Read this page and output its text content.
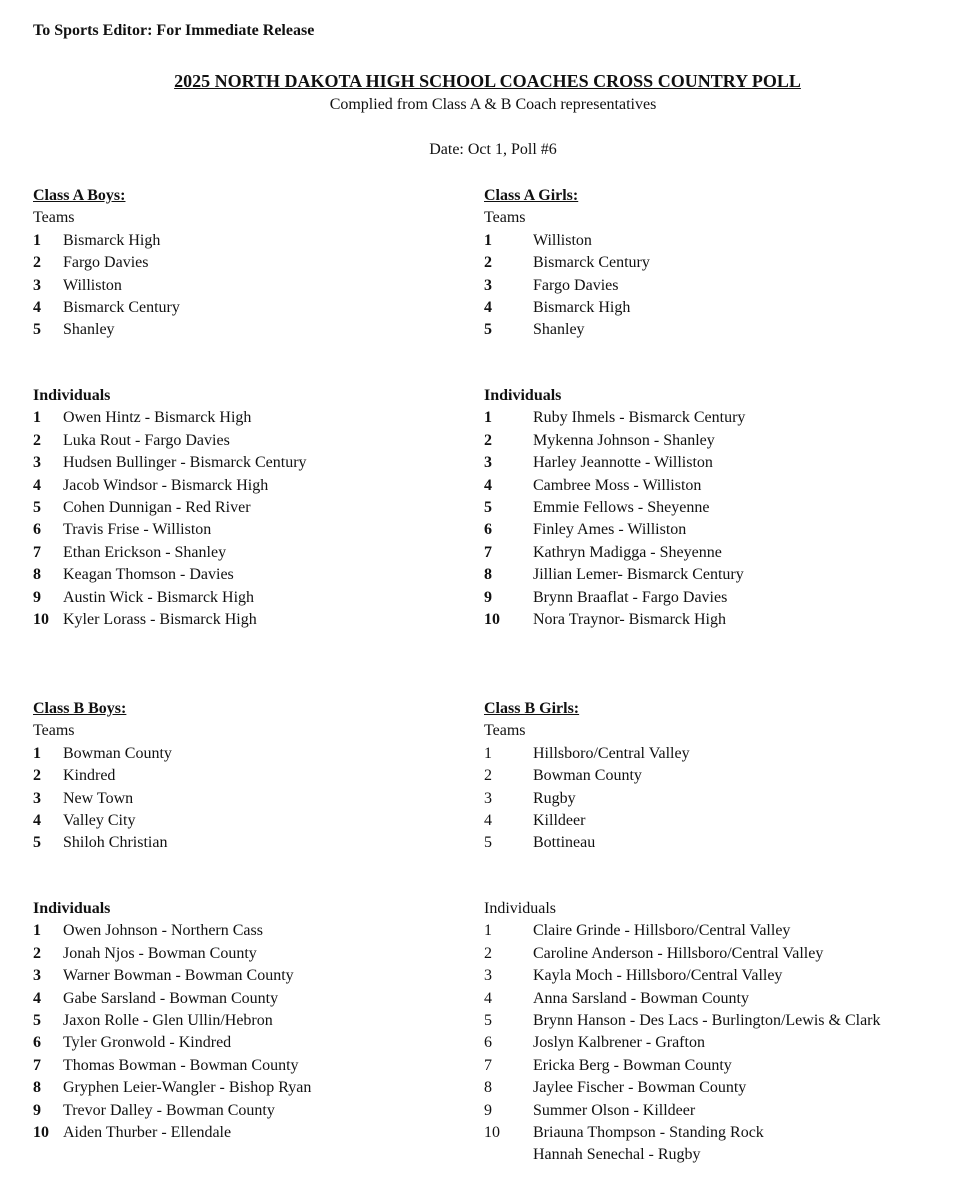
To Sports Editor: For Immediate Release
2025 NORTH DAKOTA HIGH SCHOOL COACHES CROSS COUNTRY POLL
Complied from Class A & B Coach representatives
Date: Oct 1, Poll #6
Class A Boys:
Teams
1	Bismarck High
2	Fargo Davies
3	Williston
4	Bismarck Century
5	Shanley
Individuals
1	Owen Hintz - Bismarck High
2	Luka Rout - Fargo Davies
3	Hudsen Bullinger - Bismarck Century
4	Jacob Windsor - Bismarck High
5	Cohen Dunnigan - Red River
6	Travis Frise - Williston
7	Ethan Erickson - Shanley
8	Keagan Thomson - Davies
9	Austin Wick - Bismarck High
10 Kyler Lorass - Bismarck High
Class A Girls:
Teams
1	Williston
2	Bismarck Century
3	Fargo Davies
4	Bismarck High
5	Shanley
Individuals
1	Ruby Ihmels - Bismarck Century
2	Mykenna Johnson - Shanley
3	Harley Jeannotte - Williston
4	Cambree Moss - Williston
5	Emmie Fellows - Sheyenne
6	Finley Ames - Williston
7	Kathryn Madigga - Sheyenne
8	Jillian Lemer- Bismarck Century
9	Brynn Braaflat - Fargo Davies
10	Nora Traynor- Bismarck High
Class B Boys:
Teams
1	Bowman County
2	Kindred
3	New Town
4	Valley City
5	Shiloh Christian
Individuals
1	Owen Johnson - Northern Cass
2	Jonah Njos - Bowman County
3	Warner Bowman - Bowman County
4	Gabe Sarsland - Bowman County
5	Jaxon Rolle - Glen Ullin/Hebron
6	Tyler Gronwold - Kindred
7	Thomas Bowman - Bowman County
8	Gryphen Leier-Wangler - Bishop Ryan
9	Trevor Dalley - Bowman County
10 Aiden Thurber - Ellendale
Class B Girls:
Teams
1	Hillsboro/Central Valley
2	Bowman County
3	Rugby
4	Killdeer
5	Bottineau
Individuals
1	Claire Grinde - Hillsboro/Central Valley
2	Caroline Anderson - Hillsboro/Central Valley
3	Kayla Moch - Hillsboro/Central Valley
4	Anna Sarsland - Bowman County
5	Brynn Hanson - Des Lacs - Burlington/Lewis & Clark
6	Joslyn Kalbrener - Grafton
7	Ericka Berg - Bowman County
8	Jaylee Fischer - Bowman County
9	Summer Olson - Killdeer
10	Briauna Thompson - Standing Rock
Hannah Senechal - Rugby
